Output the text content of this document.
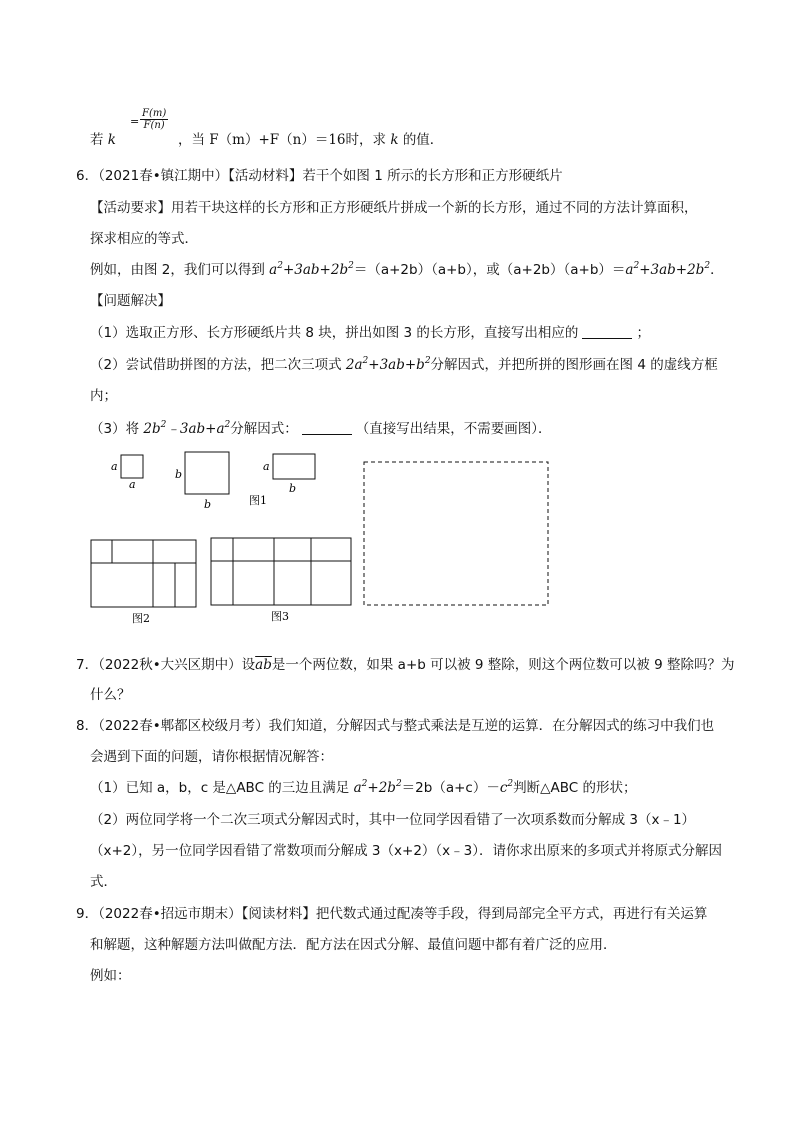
$\frac{F(m)}{F(n)}$
若 k
=
，当 F（m）+F（n）＝16时，求 k 的值．
6．（2021春•镇江期中）【活动材料】若干个如图 1 所示的长方形和正方形硬纸片
【活动要求】用若干块这样的长方形和正方形硬纸片拼成一个新的长方形，通过不同的方法计算面积，
探求相应的等式．
例如，由图 2，我们可以得到 $a^2+3ab+2b^2=(a+2b)(a+b)$，或$(a+2b)(a+b)=a^2+3ab+2b^2$．
【问题解决】
（1）选取正方形、长方形硬纸片共 8 块，拼出如图 3 的长方形，直接写出相应的	；
（2）尝试借助拼图的方法，把二次三项式 $2a^2+3ab+b^2$分解因式，并把所拼的图形画在图 4 的虚线方框
内；
（3）将 $2b^2﹣3ab+a^2$分解因式：	（直接写出结果，不需要画图）．
a
a
b
b
a
b
图1
图2	图3
7．（2022秋•大兴区期中）设$\overline{ab}$是一个两位数，如果 a+b 可以被 9 整除，则这个两位数可以被 9 整除吗？为
什么？
8．（2022春•郫都区校级月考）我们知道，分解因式与整式乘法是互逆的运算．在分解因式的练习中我们也
会遇到下面的问题，请你根据情况解答：
（1）已知 a，b，c 是△ABC 的三边且满足 $a^2+2b^2=2b(a+c)-c^2$判断△ABC 的形状；
（2）两位同学将一个二次三项式分解因式时，其中一位同学因看错了一次项系数而分解成 3（x﹣1）
（x+2），另一位同学因看错了常数项而分解成 3（x+2）（x﹣3）．请你求出原来的多项式并将原式分解因
式．
9．（2022春•招远市期末）【阅读材料】把代数式通过配凑等手段，得到局部完全平方式，再进行有关运算
和解题，这种解题方法叫做配方法．配方法在因式分解、最值问题中都有着广泛的应用．
例如：
